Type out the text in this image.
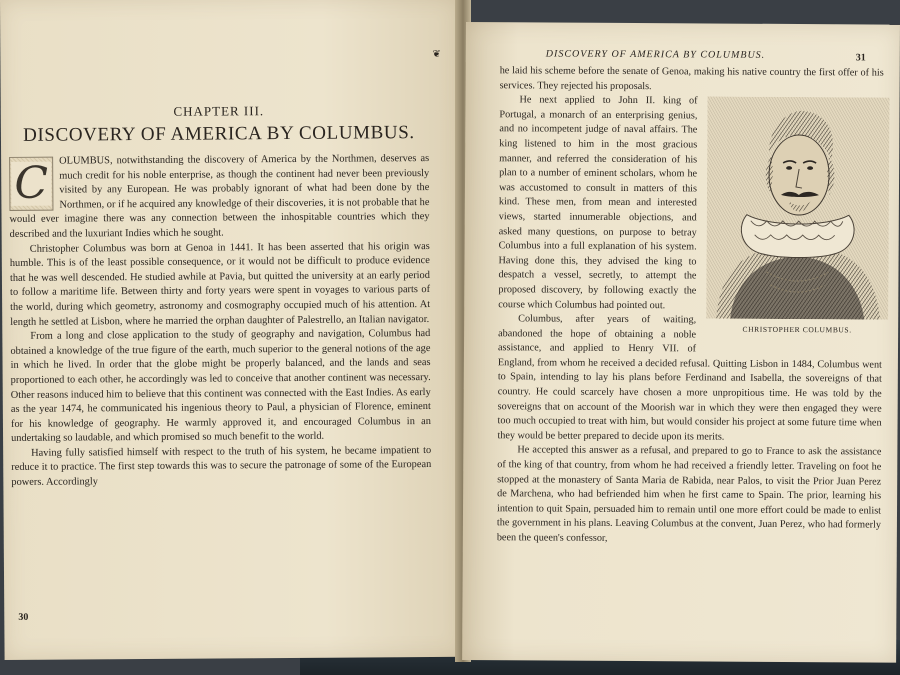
❦

CHAPTER III.

DISCOVERY OF AMERICA BY COLUMBUS.

C OLUMBUS, notwithstanding the discovery of America by the Northmen, deserves as much credit for his noble enterprise, as though the continent had never been previously visited by any European. He was probably ignorant of what had been done by the Northmen, or if he acquired any knowledge of their discoveries, it is not probable that he would ever imagine there was any connection between the inhospitable countries which they described and the luxuriant Indies which he sought.

Christopher Columbus was born at Genoa in 1441. It has been asserted that his origin was humble. This is of the least possible consequence, or it would not be difficult to produce evidence that he was well descended. He studied awhile at Pavia, but quitted the university at an early period to follow a maritime life. Between thirty and forty years were spent in voyages to various parts of the world, during which geometry, astronomy and cosmography occupied much of his attention. At length he settled at Lisbon, where he married the orphan daughter of Palestrello, an Italian navigator.

From a long and close application to the study of geography and navigation, Columbus had obtained a knowledge of the true figure of the earth, much superior to the general notions of the age in which he lived. In order that the globe might be properly balanced, and the lands and seas proportioned to each other, he accordingly was led to conceive that another continent was necessary. Other reasons induced him to believe that this continent was connected with the East Indies. As early as the year 1474, he communicated his ingenious theory to Paul, a physician of Florence, eminent for his knowledge of geography. He warmly approved it, and encouraged Columbus in an undertaking so laudable, and which promised so much benefit to the world.

Having fully satisfied himself with respect to the truth of his system, he became impatient to reduce it to practice. The first step towards this was to secure the patronage of some of the European powers. Accordingly

30
DISCOVERY OF AMERICA BY COLUMBUS.	31

he laid his scheme before the senate of Genoa, making his native country the first offer of his services. They rejected his proposals.

CHRISTOPHER COLUMBUS.

He next applied to John II. king of Portugal, a monarch of an enterprising genius, and no incompetent judge of naval affairs. The king listened to him in the most gracious manner, and referred the consideration of his plan to a number of eminent scholars, whom he was accustomed to consult in matters of this kind. These men, from mean and interested views, started innumerable objections, and asked many questions, on purpose to betray Columbus into a full explanation of his system. Having done this, they advised the king to despatch a vessel, secretly, to attempt the proposed discovery, by following exactly the course which Columbus had pointed out.

Columbus, after years of waiting, abandoned the hope of obtaining a noble assistance, and applied to Henry VII. of England, from whom he received a decided refusal. Quitting Lisbon in 1484, Columbus went to Spain, intending to lay his plans before Ferdinand and Isabella, the sovereigns of that country. He could scarcely have chosen a more unpropitious time. He was told by the sovereigns that on account of the Moorish war in which they were then engaged they were too much occupied to treat with him, but would consider his project at some future time when they would be better prepared to decide upon its merits.

He accepted this answer as a refusal, and prepared to go to France to ask the assistance of the king of that country, from whom he had received a friendly letter. Traveling on foot he stopped at the monastery of Santa Maria de Rabida, near Palos, to visit the Prior Juan Perez de Marchena, who had befriended him when he first came to Spain. The prior, learning his intention to quit Spain, persuaded him to remain until one more effort could be made to enlist the government in his plans. Leaving Columbus at the convent, Juan Perez, who had formerly been the queen's confessor,
